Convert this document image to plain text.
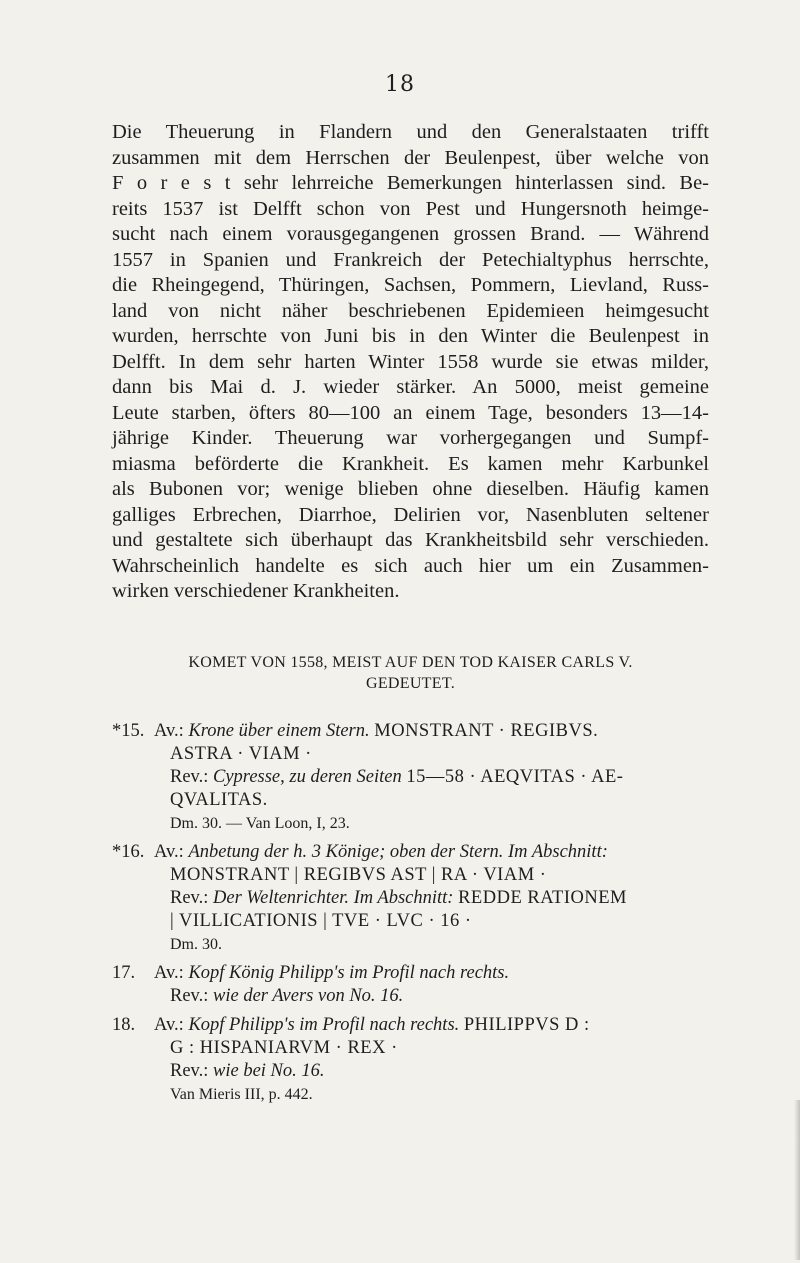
18
Die Theuerung in Flandern und den Generalstaaten trifft
zusammen mit dem Herrschen der Beulenpest, über welche von
F o r e s t sehr lehrreiche Bemerkungen hinterlassen sind. Be-
reits 1537 ist Delfft schon von Pest und Hungersnoth heimge-
sucht nach einem vorausgegangenen grossen Brand. — Während
1557 in Spanien und Frankreich der Petechialtyphus herrschte,
die Rheingegend, Thüringen, Sachsen, Pommern, Lievland, Russ-
land von nicht näher beschriebenen Epidemieen heimgesucht
wurden, herrschte von Juni bis in den Winter die Beulenpest in
Delfft. In dem sehr harten Winter 1558 wurde sie etwas milder,
dann bis Mai d. J. wieder stärker. An 5000, meist gemeine
Leute starben, öfters 80—100 an einem Tage, besonders 13—14-
jährige Kinder. Theuerung war vorhergegangen und Sumpf-
miasma beförderte die Krankheit. Es kamen mehr Karbunkel
als Bubonen vor; wenige blieben ohne dieselben. Häufig kamen
galliges Erbrechen, Diarrhoe, Delirien vor, Nasenbluten seltener
und gestaltete sich überhaupt das Krankheitsbild sehr verschieden.
Wahrscheinlich handelte es sich auch hier um ein Zusammen-
wirken verschiedener Krankheiten.
KOMET VON 1558, MEIST AUF DEN TOD KAISER CARLS V.
GEDEUTET.
*15. Av.: Krone über einem Stern. MONSTRANT · REGIBVS.
ASTRA · VIAM ·
Rev.: Cypresse, zu deren Seiten 15—58 · AEQVITAS · AE-
QVALITAS.
Dm. 30. — Van Loon, I, 23.
*16. Av.: Anbetung der h. 3 Könige; oben der Stern. Im Abschnitt:
MONSTRANT | REGIBVS AST | RA · VIAM ·
Rev.: Der Weltenrichter. Im Abschnitt: REDDE RATIONEM
| VILLICATIONIS | TVE · LVC · 16 ·
Dm. 30.
17.	Av.: Kopf König Philipp's im Profil nach rechts.
Rev.: wie der Avers von No. 16.
18.	Av.: Kopf Philipp's im Profil nach rechts. PHILIPPVS D :
G : HISPANIARVM · REX ·
Rev.: wie bei No. 16.
Van Mieris III, p. 442.
